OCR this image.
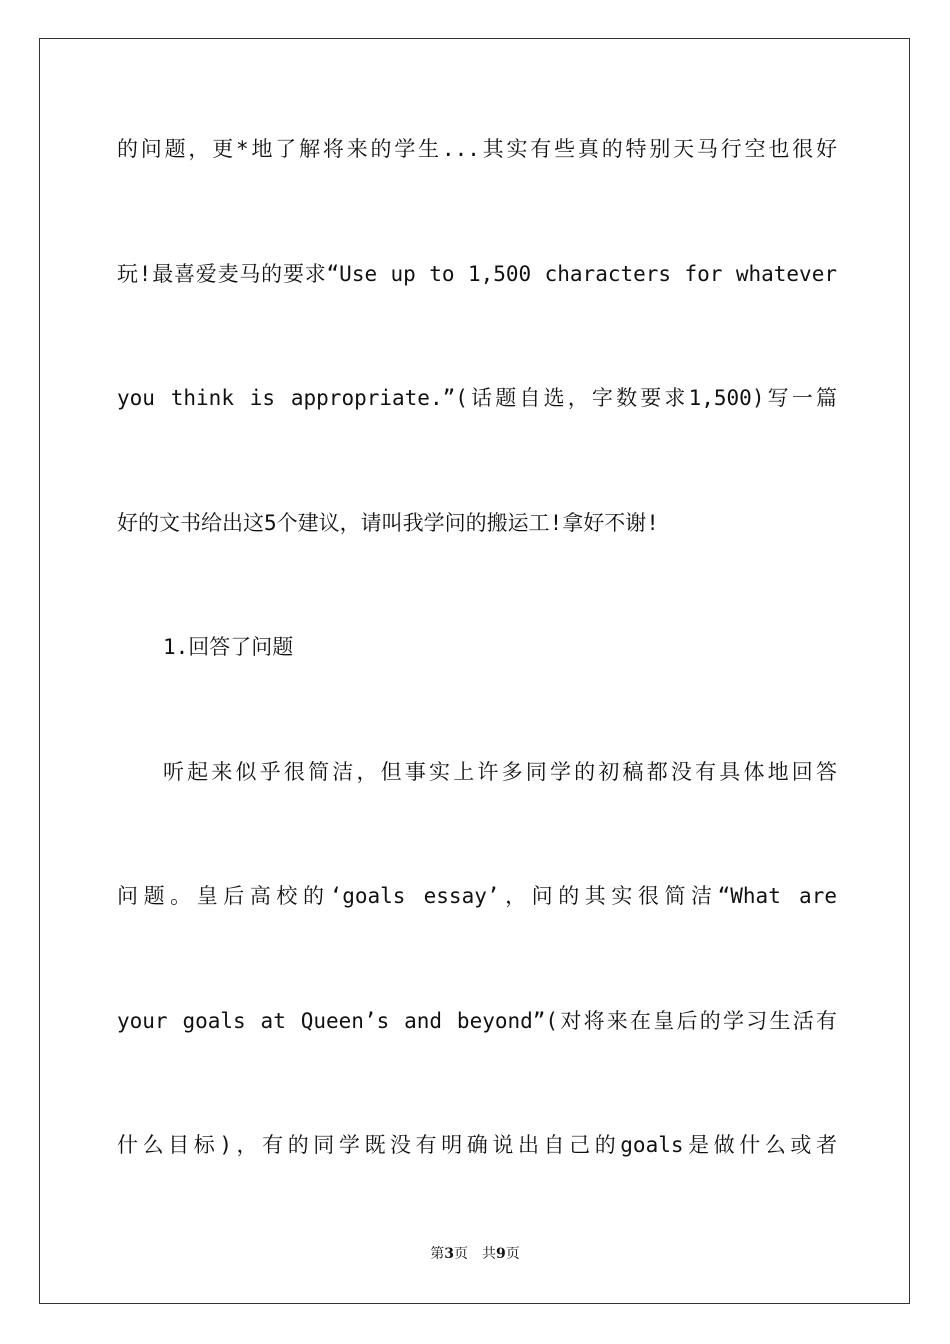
的问题，更*地了解将来的学生...其实有些真的特别天马行空也很好
玩!最喜爱麦马的要求“Use up to 1,500 characters for whatever
you think is appropriate.”(话题自选，字数要求1,500)写一篇
好的文书给出这5个建议，请叫我学问的搬运工!拿好不谢!
1.回答了问题
听起来似乎很简洁，但事实上许多同学的初稿都没有具体地回答
问题。皇后高校的‘goals essay’，问的其实很简洁“What are
your goals at Queen’s and beyond”(对将来在皇后的学习生活有
什么目标)，有的同学既没有明确说出自己的goals是做什么或者
第3页 共9页
